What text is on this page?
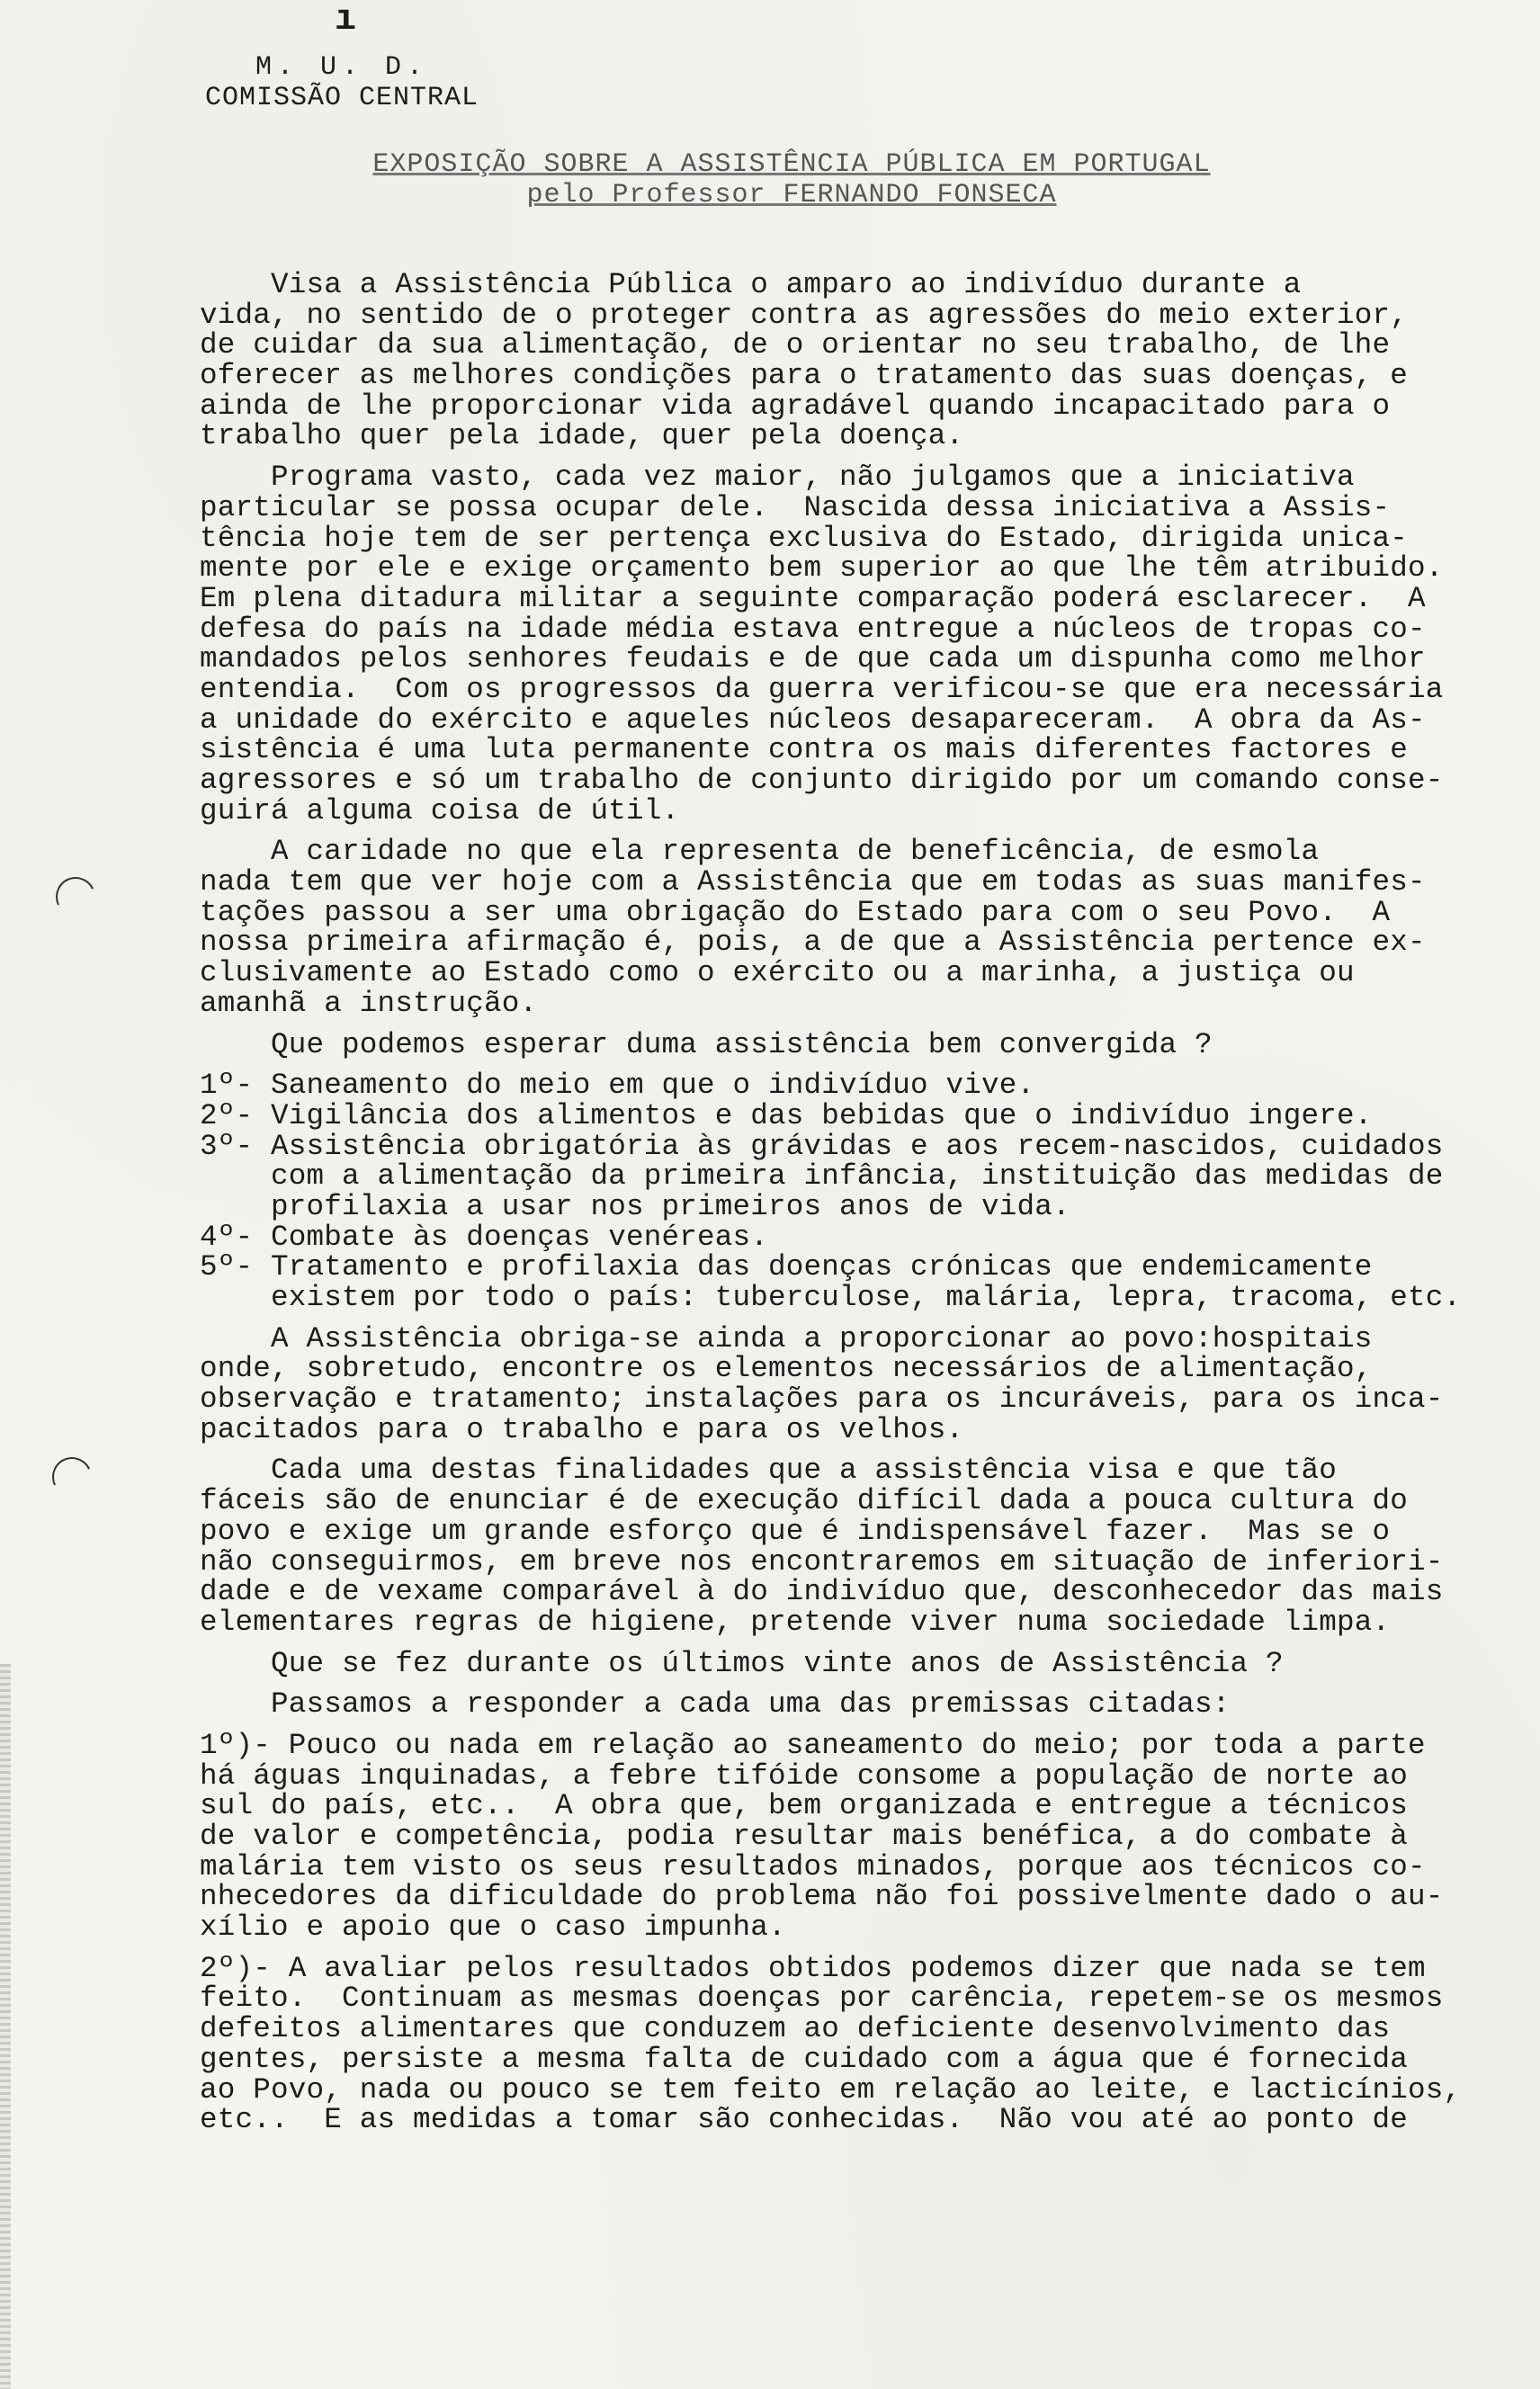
ı
M. U. D.
COMISSÃO CENTRAL
EXPOSIÇÃO SOBRE A ASSISTÊNCIA PÚBLICA EM PORTUGAL
pelo Professor FERNANDO FONSECA
Visa a Assistência Pública o amparo ao indivíduo durante a
vida, no sentido de o proteger contra as agressões do meio exterior,
de cuidar da sua alimentação, de o orientar no seu trabalho, de lhe
oferecer as melhores condições para o tratamento das suas doenças, e
ainda de lhe proporcionar vida agradável quando incapacitado para o
trabalho quer pela idade, quer pela doença.
Programa vasto, cada vez maior, não julgamos que a iniciativa
particular se possa ocupar dele.  Nascida dessa iniciativa a Assis-
tência hoje tem de ser pertença exclusiva do Estado, dirigida unica-
mente por ele e exige orçamento bem superior ao que lhe têm atribuido.
Em plena ditadura militar a seguinte comparação poderá esclarecer.  A
defesa do país na idade média estava entregue a núcleos de tropas co-
mandados pelos senhores feudais e de que cada um dispunha como melhor
entendia.  Com os progressos da guerra verificou-se que era necessária
a unidade do exército e aqueles núcleos desapareceram.  A obra da As-
sistência é uma luta permanente contra os mais diferentes factores e
agressores e só um trabalho de conjunto dirigido por um comando conse-
guirá alguma coisa de útil.
A caridade no que ela representa de beneficência, de esmola
nada tem que ver hoje com a Assistência que em todas as suas manifes-
tações passou a ser uma obrigação do Estado para com o seu Povo.  A
nossa primeira afirmação é, pois, a de que a Assistência pertence ex-
clusivamente ao Estado como o exército ou a marinha, a justiça ou
amanhã a instrução.
Que podemos esperar duma assistência bem convergida ?
1º- Saneamento do meio em que o indivíduo vive.
2º- Vigilância dos alimentos e das bebidas que o indivíduo ingere.
3º- Assistência obrigatória às grávidas e aos recem-nascidos, cuidados
com a alimentação da primeira infância, instituição das medidas de
profilaxia a usar nos primeiros anos de vida.
4º- Combate às doenças venéreas.
5º- Tratamento e profilaxia das doenças crónicas que endemicamente
existem por todo o país: tuberculose, malária, lepra, tracoma, etc.
A Assistência obriga-se ainda a proporcionar ao povo:hospitais
onde, sobretudo, encontre os elementos necessários de alimentação,
observação e tratamento; instalações para os incuráveis, para os inca-
pacitados para o trabalho e para os velhos.
Cada uma destas finalidades que a assistência visa e que tão
fáceis são de enunciar é de execução difícil dada a pouca cultura do
povo e exige um grande esforço que é indispensável fazer.  Mas se o
não conseguirmos, em breve nos encontraremos em situação de inferiori-
dade e de vexame comparável à do indivíduo que, desconhecedor das mais
elementares regras de higiene, pretende viver numa sociedade limpa.
Que se fez durante os últimos vinte anos de Assistência ?
Passamos a responder a cada uma das premissas citadas:
1º)- Pouco ou nada em relação ao saneamento do meio; por toda a parte
há águas inquinadas, a febre tifóide consome a população de norte ao
sul do país, etc..  A obra que, bem organizada e entregue a técnicos
de valor e competência, podia resultar mais benéfica, a do combate à
malária tem visto os seus resultados minados, porque aos técnicos co-
nhecedores da dificuldade do problema não foi possivelmente dado o au-
xílio e apoio que o caso impunha.
2º)- A avaliar pelos resultados obtidos podemos dizer que nada se tem
feito.  Continuam as mesmas doenças por carência, repetem-se os mesmos
defeitos alimentares que conduzem ao deficiente desenvolvimento das
gentes, persiste a mesma falta de cuidado com a água que é fornecida
ao Povo, nada ou pouco se tem feito em relação ao leite, e lacticínios,
etc..  E as medidas a tomar são conhecidas.  Não vou até ao ponto de
